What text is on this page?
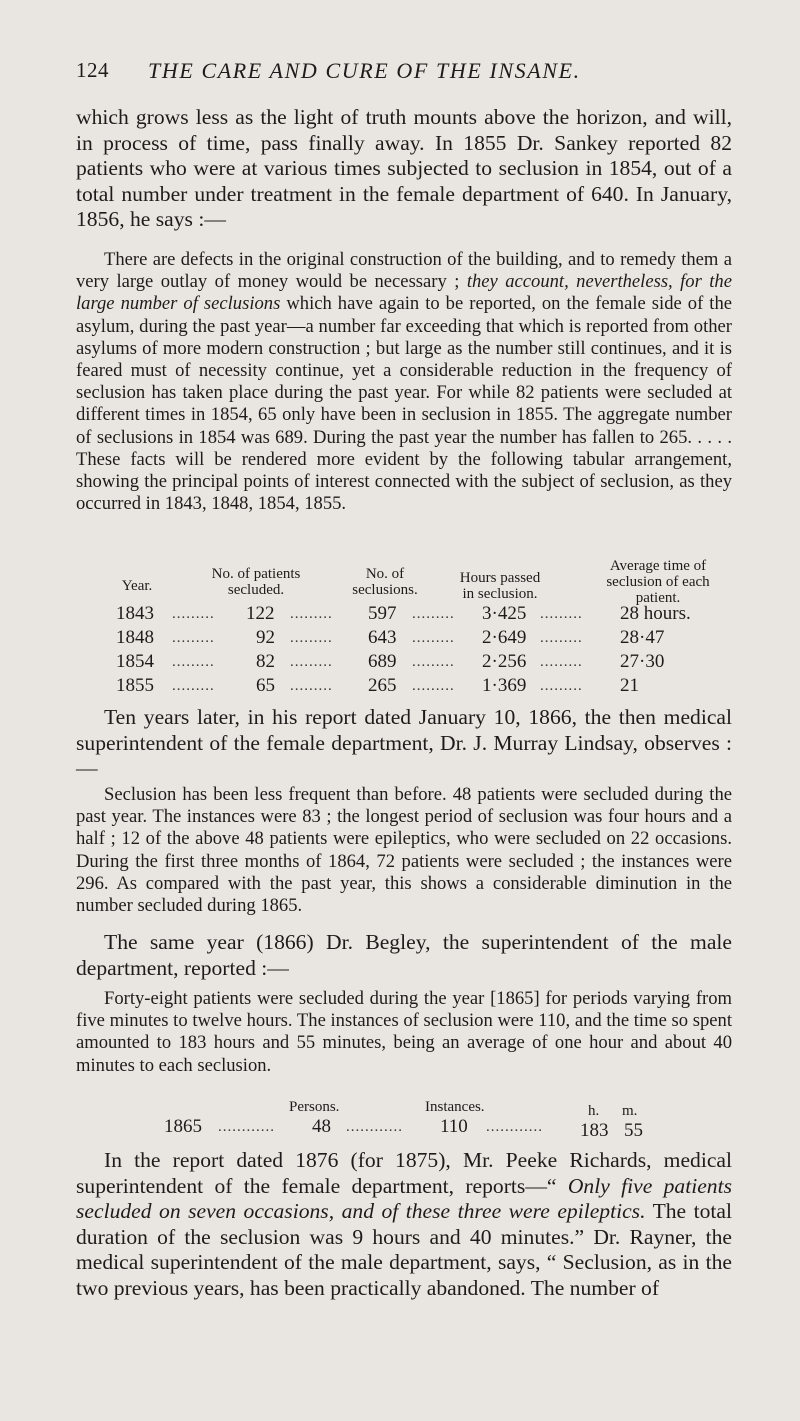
124 THE CARE AND CURE OF THE INSANE.

which grows less as the light of truth mounts above the horizon, and will, in process of time, pass finally away. In 1855 Dr. Sankey reported 82 patients who were at various times subjected to seclusion in 1854, out of a total number under treatment in the female department of 640. In January, 1856, he says :—

There are defects in the original construction of the building, and to remedy them a very large outlay of money would be necessary ; they account, nevertheless, for the large number of seclusions which have again to be reported, on the female side of the asylum, during the past year—a number far exceeding that which is reported from other asylums of more modern construction ; but large as the number still continues, and it is feared must of necessity continue, yet a considerable reduction in the frequency of seclusion has taken place during the past year. For while 82 patients were secluded at different times in 1854, 65 only have been in seclusion in 1855. The aggregate number of seclusions in 1854 was 689. During the past year the number has fallen to 265. . . . . These facts will be rendered more evident by the following tabular arrangement, showing the principal points of interest connected with the subject of seclusion, as they occurred in 1843, 1848, 1854, 1855.

Year.
No. of patients
secluded.
No. of
seclusions.
Hours passed
in seclusion.
Average time of
seclusion of each
patient.
1843 ......... 122 ......... 597 ......... 3·425 ......... 28 hours.
1848 ......... 92 ......... 643 ......... 2·649 ......... 28·47
1854 ......... 82 ......... 689 ......... 2·256 ......... 27·30
1855 ......... 65 ......... 265 ......... 1·369 ......... 21

Ten years later, in his report dated January 10, 1866, the then medical superintendent of the female department, Dr. J. Murray Lindsay, observes :—

Seclusion has been less frequent than before. 48 patients were secluded during the past year. The instances were 83 ; the longest period of seclusion was four hours and a half ; 12 of the above 48 patients were epileptics, who were secluded on 22 occasions. During the first three months of 1864, 72 patients were secluded ; the instances were 296. As compared with the past year, this shows a considerable diminution in the number secluded during 1865.

The same year (1866) Dr. Begley, the superintendent of the male department, reported :—

Forty-eight patients were secluded during the year [1865] for periods varying from five minutes to twelve hours. The instances of seclusion were 110, and the time so spent amounted to 183 hours and 55 minutes, being an average of one hour and about 40 minutes to each seclusion.

Persons.	Instances.	h. m.
1865 ............ 48 ............ 110 ............ 183 55

In the report dated 1876 (for 1875), Mr. Peeke Richards, medical superintendent of the female department, reports—“ Only five patients secluded on seven occasions, and of these three were epileptics. The total duration of the seclusion was 9 hours and 40 minutes.” Dr. Rayner, the medical superintendent of the male department, says, “ Seclusion, as in the two previous years, has been practically abandoned. The number of
